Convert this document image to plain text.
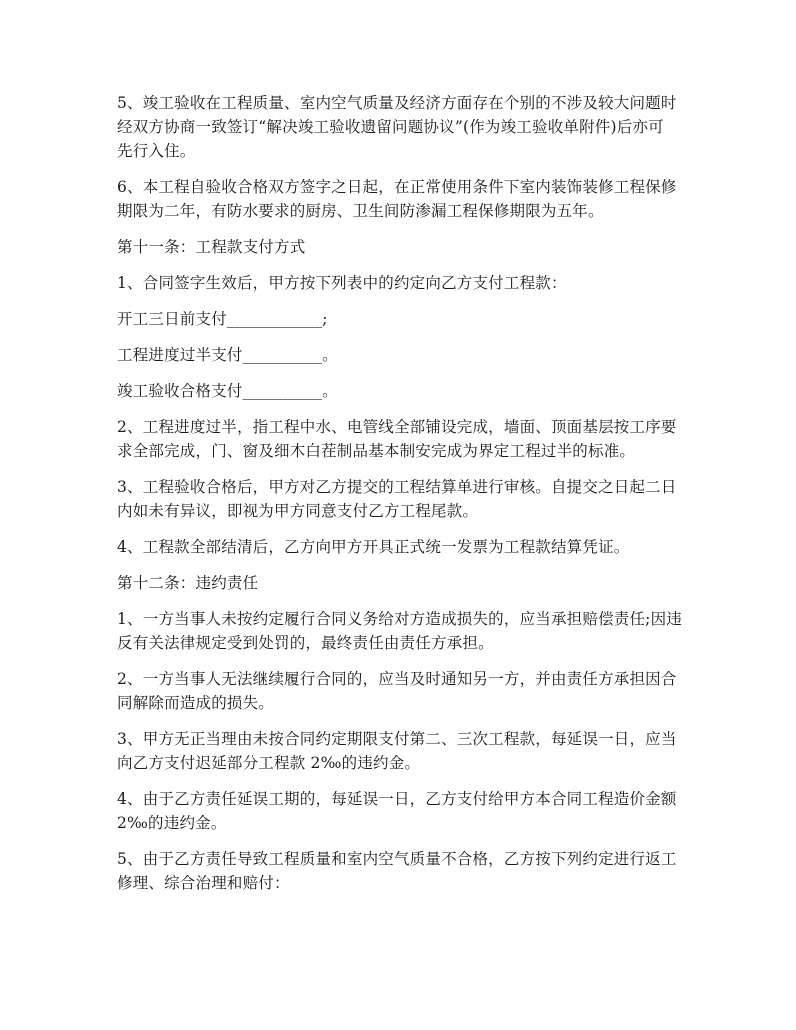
5、竣工验收在工程质量、室内空气质量及经济方面存在个别的不涉及较大问题时
经双方协商一致签订“解决竣工验收遗留问题协议”(作为竣工验收单附件)后亦可
先行入住。

6、本工程自验收合格双方签字之日起，在正常使用条件下室内装饰装修工程保修
期限为二年，有防水要求的厨房、卫生间防渗漏工程保修期限为五年。

第十一条：工程款支付方式

1、合同签字生效后，甲方按下列表中的约定向乙方支付工程款：

开工三日前支付____________;

工程进度过半支付__________。

竣工验收合格支付__________。

2、工程进度过半，指工程中水、电管线全部铺设完成，墙面、顶面基层按工序要
求全部完成，门、窗及细木白茬制品基本制安完成为界定工程过半的标准。

3、工程验收合格后，甲方对乙方提交的工程结算单进行审核。自提交之日起二日
内如未有异议，即视为甲方同意支付乙方工程尾款。

4、工程款全部结清后，乙方向甲方开具正式统一发票为工程款结算凭证。

第十二条：违约责任

1、一方当事人未按约定履行合同义务给对方造成损失的，应当承担赔偿责任;因违
反有关法律规定受到处罚的，最终责任由责任方承担。

2、一方当事人无法继续履行合同的，应当及时通知另一方，并由责任方承担因合
同解除而造成的损失。

3、甲方无正当理由未按合同约定期限支付第二、三次工程款，每延误一日，应当
向乙方支付迟延部分工程款 2‰的违约金。

4、由于乙方责任延误工期的，每延误一日，乙方支付给甲方本合同工程造价金额
2‰的违约金。

5、由于乙方责任导致工程质量和室内空气质量不合格，乙方按下列约定进行返工
修理、综合治理和赔付：
